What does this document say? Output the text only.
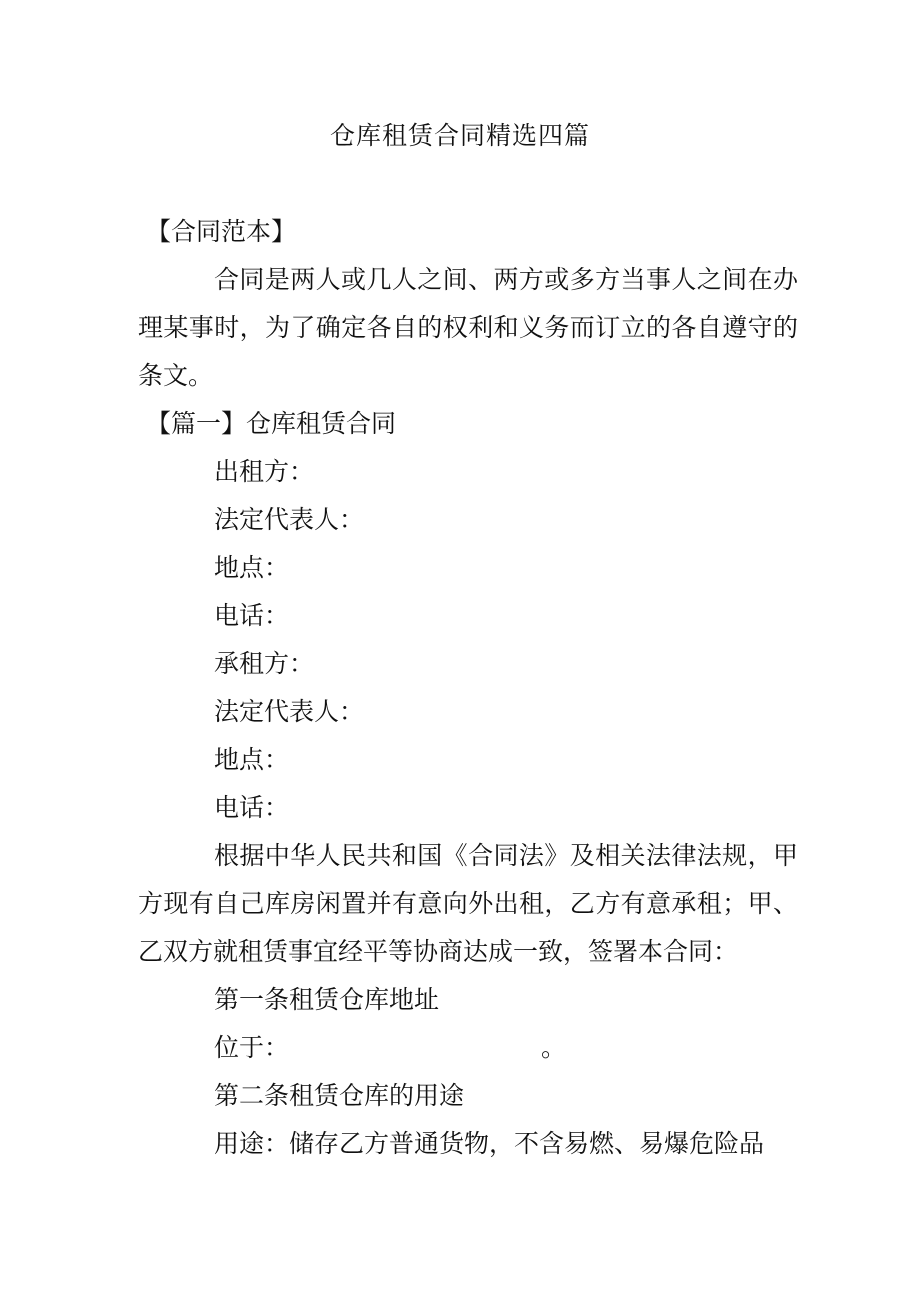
仓库租赁合同精选四篇

【合同范本】

合同是两人或几人之间、两方或多方当事人之间在办理某事时，为了确定各自的权利和义务而订立的各自遵守的条文。

【篇一】仓库租赁合同

出租方：

法定代表人：

地点：

电话：

承租方：

法定代表人：

地点：

电话：

根据中华人民共和国《合同法》及相关法律法规，甲方现有自己库房闲置并有意向外出租，乙方有意承租；甲、乙双方就租赁事宜经平等协商达成一致，签署本合同：

第一条租赁仓库地址

位于：	。

第二条租赁仓库的用途

用途：储存乙方普通货物，不含易燃、易爆危险品
